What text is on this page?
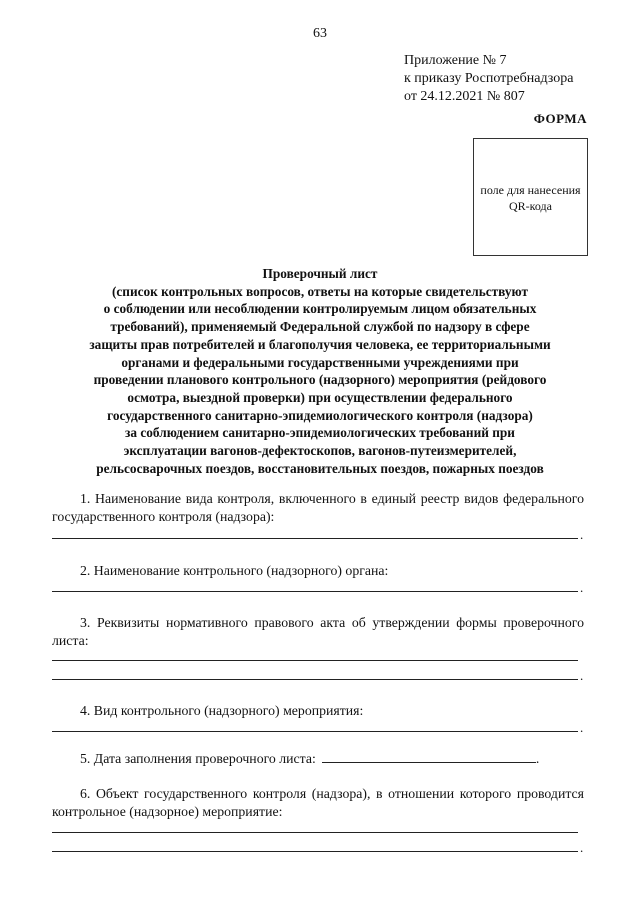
63
Приложение № 7
к приказу Роспотребнадзора
от 24.12.2021 № 807
ФОРМА
поле для нанесения
QR-кода
Проверочный лист
(список контрольных вопросов, ответы на которые свидетельствуют
о соблюдении или несоблюдении контролируемым лицом обязательных
требований), применяемый Федеральной службой по надзору в сфере
защиты прав потребителей и благополучия человека, ее территориальными
органами и федеральными государственными учреждениями при
проведении планового контрольного (надзорного) мероприятия (рейдового
осмотра, выездной проверки) при осуществлении федерального
государственного санитарно-эпидемиологического контроля (надзора)
за соблюдением санитарно-эпидемиологических требований при
эксплуатации вагонов-дефектоскопов, вагонов-путеизмерителей,
рельсосварочных поездов, восстановительных поездов, пожарных поездов
1. Наименование вида контроля, включенного в единый реестр видов федерального государственного контроля (надзора):
.
2. Наименование контрольного (надзорного) органа:
.
3. Реквизиты нормативного правового акта об утверждении формы проверочного листа:
.
4. Вид контрольного (надзорного) мероприятия:
.
5. Дата заполнения проверочного листа:	.
6. Объект государственного контроля (надзора), в отношении которого проводится контрольное (надзорное) мероприятие:
.
